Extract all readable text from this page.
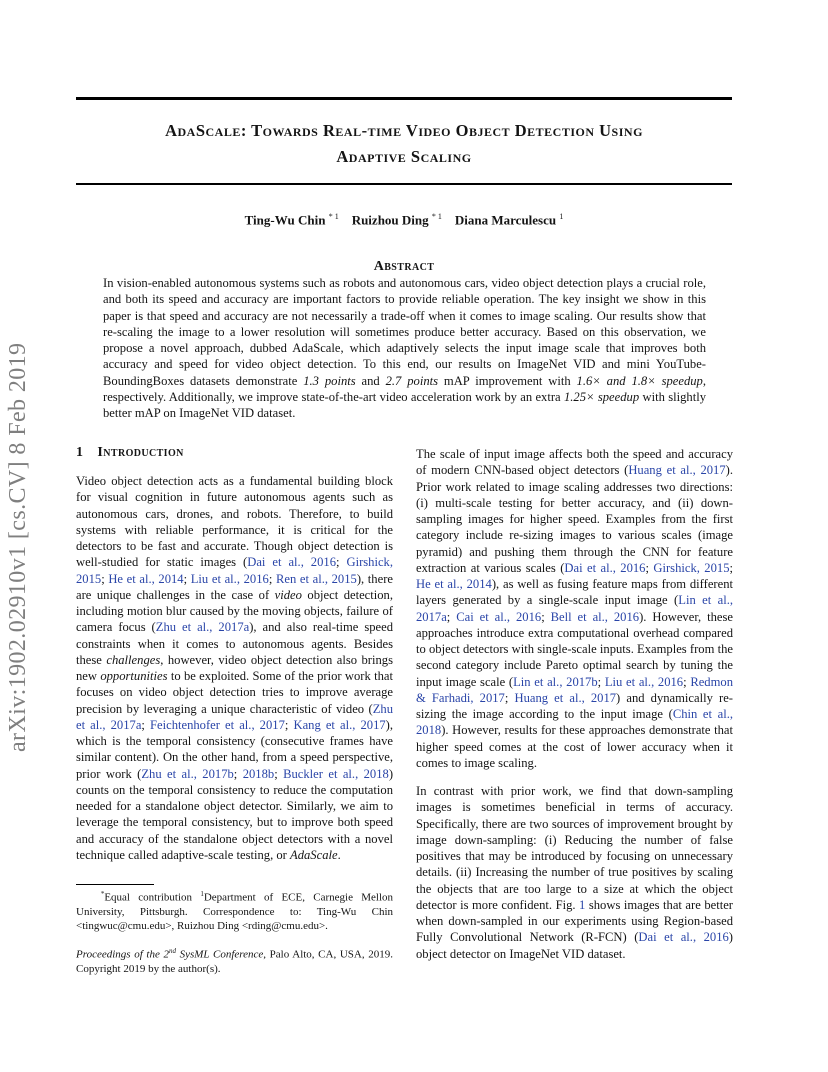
AdaScale: Towards Real-time Video Object Detection Using
Adaptive Scaling
Ting-Wu Chin $^{* 1}$ Ruizhou Ding $^{* 1}$ Diana Marculescu $^1$
Abstract
In vision-enabled autonomous systems such as robots and autonomous cars, video object detection plays a crucial role, and both its speed and accuracy are important factors to provide reliable operation. The key insight we show in this paper is that speed and accuracy are not necessarily a trade-off when it comes to image scaling. Our results show that re-scaling the image to a lower resolution will sometimes produce better accuracy. Based on this observation, we propose a novel approach, dubbed AdaScale, which adaptively selects the input image scale that improves both accuracy and speed for video object detection. To this end, our results on ImageNet VID and mini YouTube-BoundingBoxes datasets demonstrate 1.3 points and 2.7 points mAP improvement with 1.6× and 1.8× speedup, respectively. Additionally, we improve state-of-the-art video acceleration work by an extra 1.25× speedup with slightly better mAP on ImageNet VID dataset.
arXiv:1902.02910v1 [cs.CV] 8 Feb 2019	1 Introduction

Video object detection acts as a fundamental building block for visual cognition in future autonomous agents such as autonomous cars, drones, and robots. Therefore, to build systems with reliable performance, it is critical for the detectors to be fast and accurate. Though object detection is well-studied for static images (Dai et al., 2016; Girshick, 2015; He et al., 2014; Liu et al., 2016; Ren et al., 2015), there are unique challenges in the case of video object detection, including motion blur caused by the moving objects, failure of camera focus (Zhu et al., 2017a), and also real-time speed constraints when it comes to autonomous agents. Besides these challenges, however, video object detection also brings new opportunities to be exploited. Some of the prior work that focuses on video object detection tries to improve average precision by leveraging a unique characteristic of video (Zhu et al., 2017a; Feichtenhofer et al., 2017; Kang et al., 2017), which is the temporal consistency (consecutive frames have similar content). On the other hand, from a speed perspective, prior work (Zhu et al., 2017b; 2018b; Buckler et al., 2018) counts on the temporal consistency to reduce the computation needed for a standalone object detector. Similarly, we aim to leverage the temporal consistency, but to improve both speed and accuracy of the standalone object detectors with a novel technique called adaptive-scale testing, or AdaScale.

*Equal contribution $^1$Department of ECE, Carnegie Mellon University, Pittsburgh. Correspondence to: Ting-Wu Chin <tingwuc@cmu.edu>, Ruizhou Ding <rding@cmu.edu>.
Proceedings of the 2nd SysML Conference, Palo Alto, CA, USA, 2019. Copyright 2019 by the author(s).

The scale of input image affects both the speed and accuracy of modern CNN-based object detectors (Huang et al., 2017). Prior work related to image scaling addresses two directions: (i) multi-scale testing for better accuracy, and (ii) down-sampling images for higher speed. Examples from the first category include re-sizing images to various scales (image pyramid) and pushing them through the CNN for feature extraction at various scales (Dai et al., 2016; Girshick, 2015; He et al., 2014), as well as fusing feature maps from different layers generated by a single-scale input image (Lin et al., 2017a; Cai et al., 2016; Bell et al., 2016). However, these approaches introduce extra computational overhead compared to object detectors with single-scale inputs. Examples from the second category include Pareto optimal search by tuning the input image scale (Lin et al., 2017b; Liu et al., 2016; Redmon & Farhadi, 2017; Huang et al., 2017) and dynamically re-sizing the image according to the input image (Chin et al., 2018). However, results for these approaches demonstrate that higher speed comes at the cost of lower accuracy when it comes to image scaling.

In contrast with prior work, we find that down-sampling images is sometimes beneficial in terms of accuracy. Specifically, there are two sources of improvement brought by image down-sampling: (i) Reducing the number of false positives that may be introduced by focusing on unnecessary details. (ii) Increasing the number of true positives by scaling the objects that are too large to a size at which the object detector is more confident. Fig. 1 shows images that are better when down-sampled in our experiments using Region-based Fully Convolutional Network (R-FCN) (Dai et al., 2016) object detector on ImageNet VID dataset.
